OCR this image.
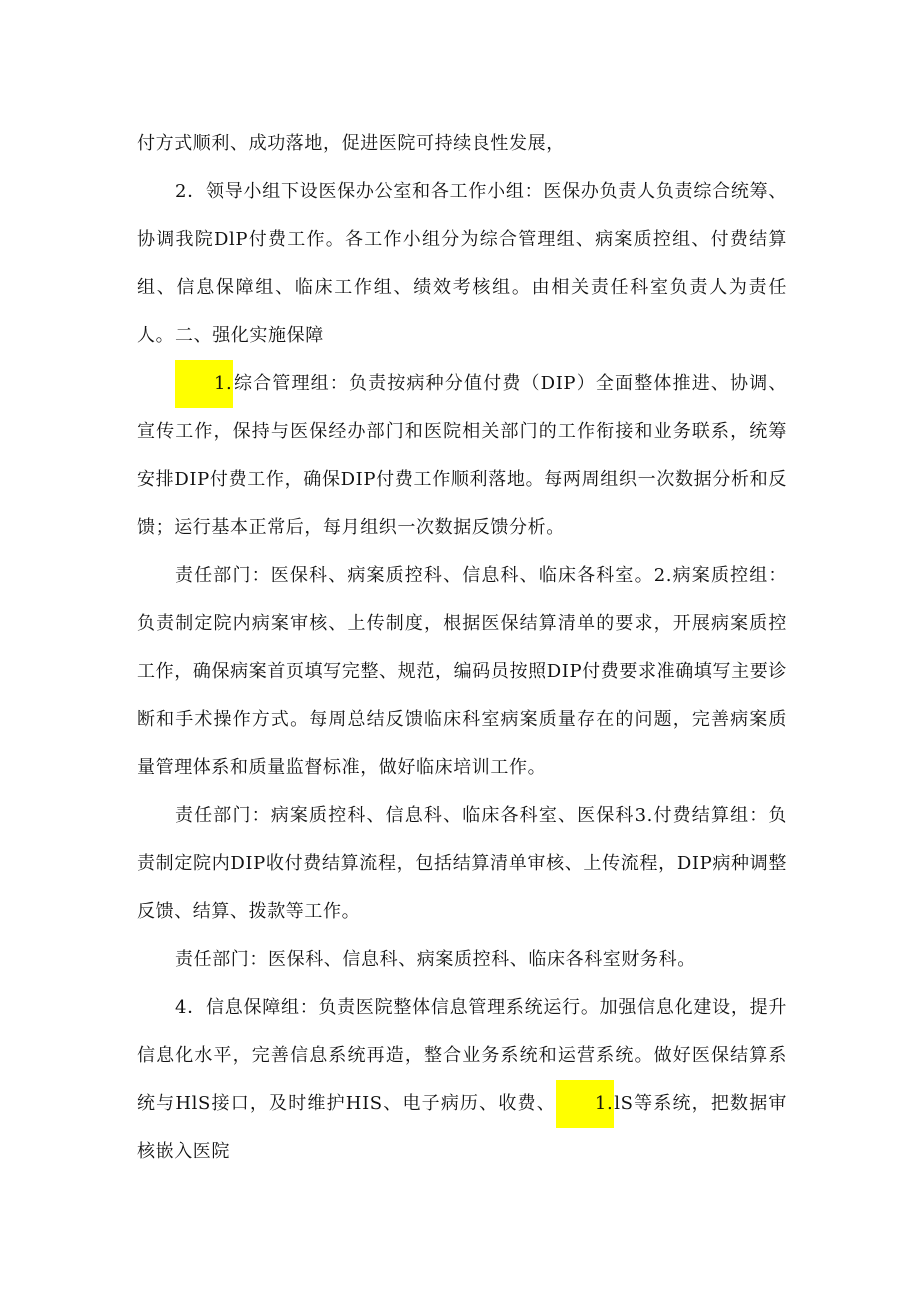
付方式顺利、成功落地，促进医院可持续良性发展，

2．领导小组下设医保办公室和各工作小组：医保办负责人负责综合统筹、协调我院DlP付费工作。各工作小组分为综合管理组、病案质控组、付费结算组、信息保障组、临床工作组、绩效考核组。由相关责任科室负责人为责任人。 二、强化实施保障

1.综合管理组：负责按病种分值付费（DIP）全面整体推进、协调、宣传工作，保持与医保经办部门和医院相关部门的工作衔接和业务联系，统筹安排DIP付费工作，确保DIP付费工作顺利落地。每两周组织一次数据分析和反馈；运行基本正常后，每月组织一次数据反馈分析。

责任部门：医保科、病案质控科、信息科、临床各科室。2.病案质控组：负责制定院内病案审核、上传制度，根据医保结算清单的要求，开展病案质控工作，确保病案首页填写完整、规范，编码员按照DIP付费要求准确填写主要诊断和手术操作方式。每周总结反馈临床科室病案质量存在的问题，完善病案质量管理体系和质量监督标准，做好临床培训工作。

责任部门：病案质控科、信息科、临床各科室、医保科3.付费结算组：负责制定院内DIP收付费结算流程，包括结算清单审核、上传流程，DIP病种调整反馈、结算、拨款等工作。

责任部门：医保科、信息科、病案质控科、临床各科室财务科。

4．信息保障组：负责医院整体信息管理系统运行。加强信息化建设，提升信息化水平，完善信息系统再造，整合业务系统和运营系统。做好医保结算系统与HlS接口，及时维护HIS、电子病历、收费、 1.lS等系统，把数据审核嵌入医院
